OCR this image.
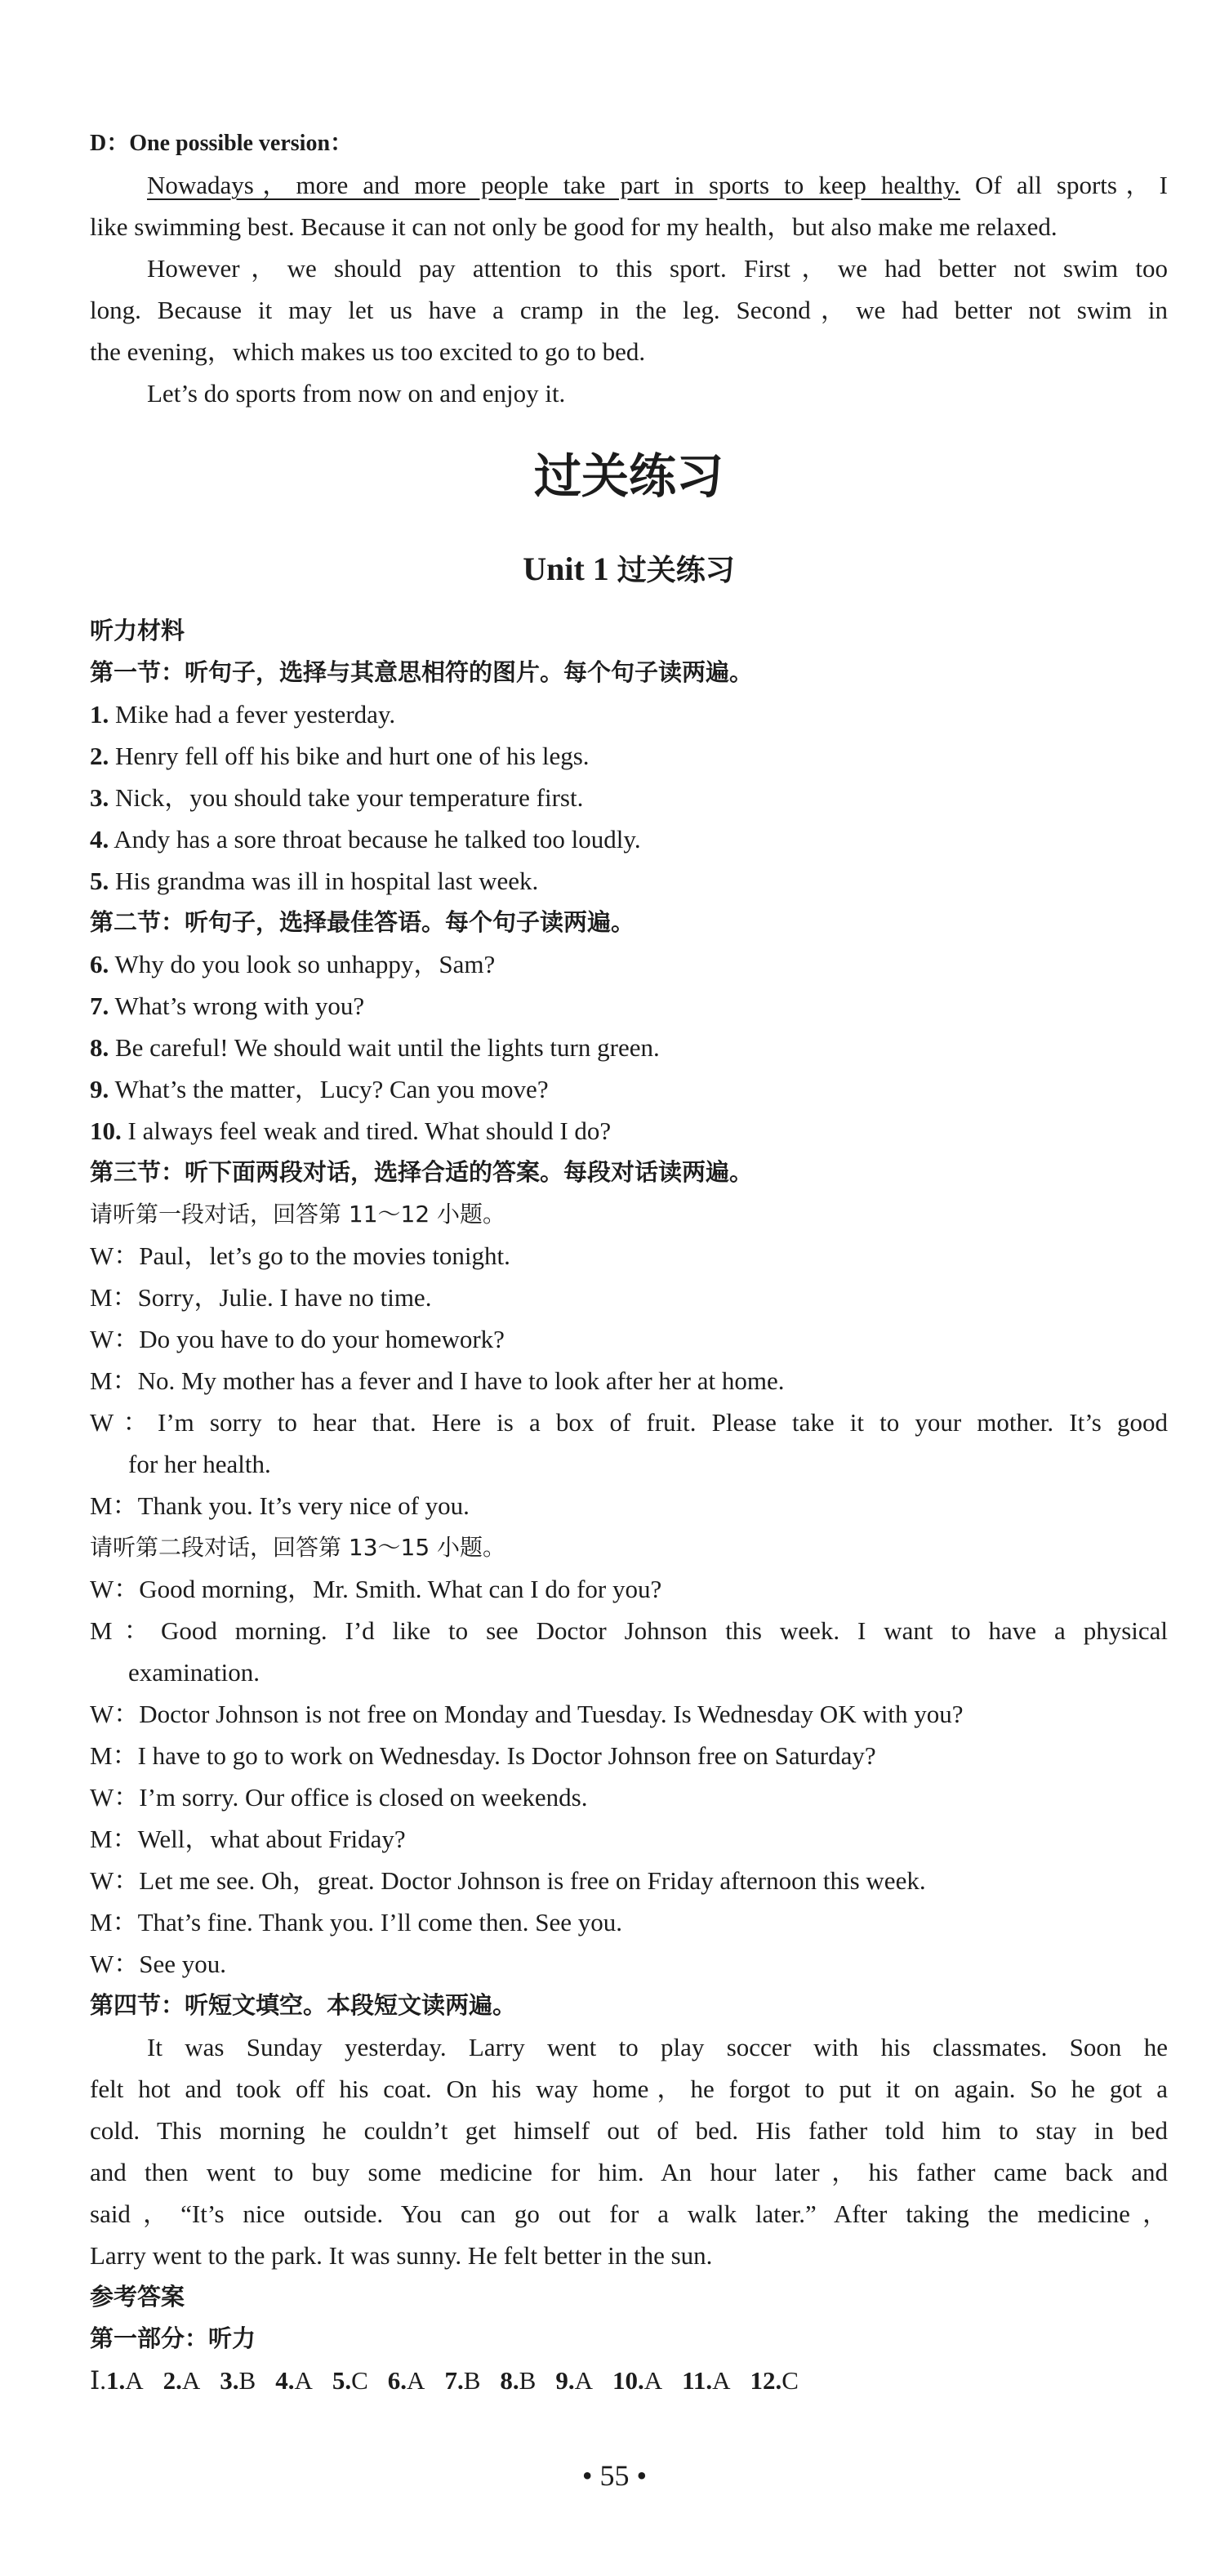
D：One possible version：
Nowadays，more and more people take part in sports to keep healthy. Of all sports，I
like swimming best. Because it can not only be good for my health，but also make me relaxed.
However，we should pay attention to this sport. First，we had better not swim too
long. Because it may let us have a cramp in the leg. Second，we had better not swim in
the evening，which makes us too excited to go to bed.
Let’s do sports from now on and enjoy it.
过关练习
Unit 1 过关练习
听力材料
第一节：听句子，选择与其意思相符的图片。每个句子读两遍。
1. Mike had a fever yesterday.
2. Henry fell off his bike and hurt one of his legs.
3. Nick，you should take your temperature first.
4. Andy has a sore throat because he talked too loudly.
5. His grandma was ill in hospital last week.
第二节：听句子，选择最佳答语。每个句子读两遍。
6. Why do you look so unhappy，Sam?
7. What’s wrong with you?
8. Be careful! We should wait until the lights turn green.
9. What’s the matter，Lucy? Can you move?
10. I always feel weak and tired. What should I do?
第三节：听下面两段对话，选择合适的答案。每段对话读两遍。
请听第一段对话，回答第 11～12 小题。
W：Paul，let’s go to the movies tonight.
M：Sorry，Julie. I have no time.
W：Do you have to do your homework?
M：No. My mother has a fever and I have to look after her at home.
W：I’m sorry to hear that. Here is a box of fruit. Please take it to your mother. It’s good
for her health.
M：Thank you. It’s very nice of you.
请听第二段对话，回答第 13～15 小题。
W：Good morning，Mr. Smith. What can I do for you?
M：Good morning. I’d like to see Doctor Johnson this week. I want to have a physical
examination.
W：Doctor Johnson is not free on Monday and Tuesday. Is Wednesday OK with you?
M：I have to go to work on Wednesday. Is Doctor Johnson free on Saturday?
W：I’m sorry. Our office is closed on weekends.
M：Well，what about Friday?
W：Let me see. Oh，great. Doctor Johnson is free on Friday afternoon this week.
M：That’s fine. Thank you. I’ll come then. See you.
W：See you.
第四节：听短文填空。本段短文读两遍。
It was Sunday yesterday. Larry went to play soccer with his classmates. Soon he
felt hot and took off his coat. On his way home，he forgot to put it on again. So he got a
cold. This morning he couldn’t get himself out of bed. His father told him to stay in bed
and then went to buy some medicine for him. An hour later，his father came back and
said，“It’s nice outside. You can go out for a walk later.” After taking the medicine，
Larry went to the park. It was sunny. He felt better in the sun.
参考答案
第一部分：听力
Ⅰ.1.A 2.A 3.B 4.A 5.C 6.A 7.B 8.B 9.A 10.A 11.A 12.C
• 55 •
